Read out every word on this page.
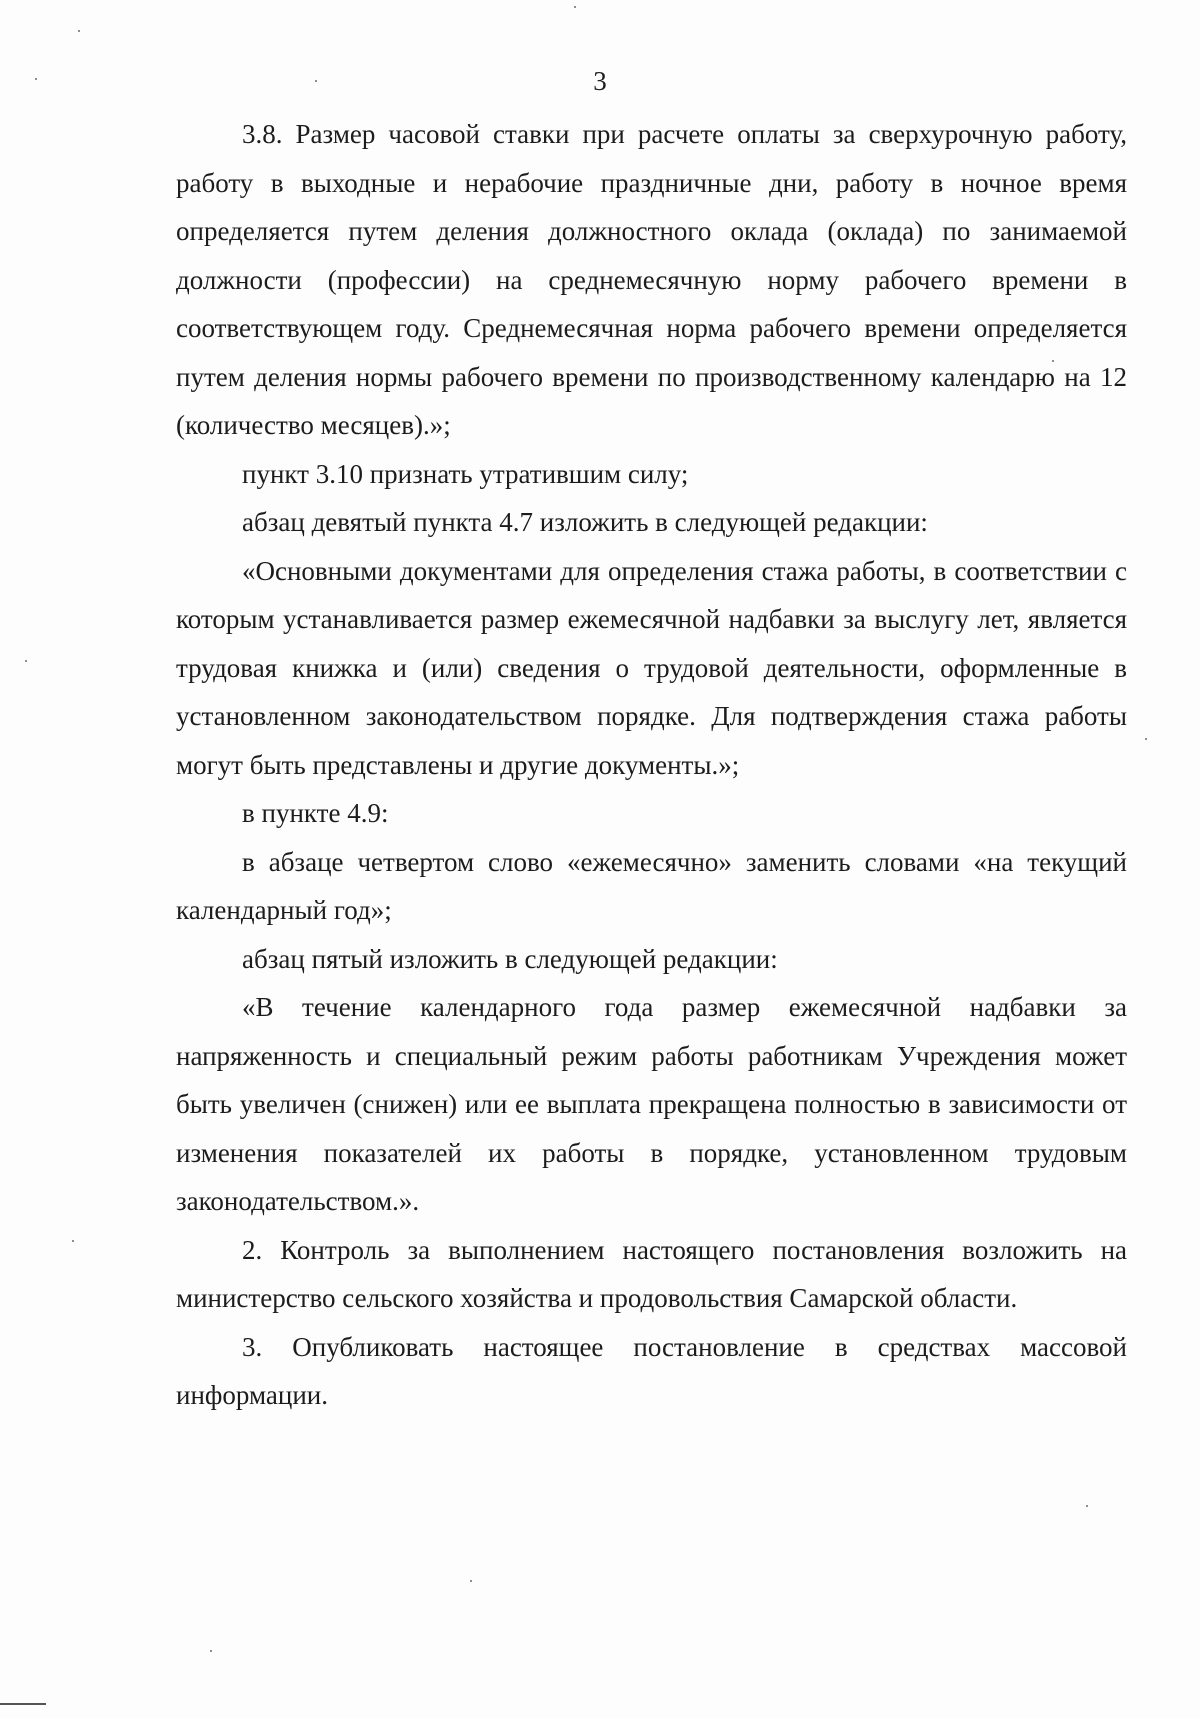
3

3.8. Размер часовой ставки при расчете оплаты за сверхурочную работу, работу в выходные и нерабочие праздничные дни, работу в ночное время определяется путем деления должностного оклада (оклада) по занимаемой должности (профессии) на среднемесячную норму рабочего времени в соответствующем году. Среднемесячная норма рабочего времени определяется путем деления нормы рабочего времени по производственному календарю на 12 (количество месяцев).»;

пункт 3.10 признать утратившим силу;

абзац девятый пункта 4.7 изложить в следующей редакции:

«Основными документами для определения стажа работы, в соответствии с которым устанавливается размер ежемесячной надбавки за выслугу лет, является трудовая книжка и (или) сведения о трудовой деятельности, оформленные в установленном законодательством порядке. Для подтверждения стажа работы могут быть представлены и другие документы.»;

в пункте 4.9:

в абзаце четвертом слово «ежемесячно» заменить словами «на текущий календарный год»;

абзац пятый изложить в следующей редакции:

«В течение календарного года размер ежемесячной надбавки за напряженность и специальный режим работы работникам Учреждения может быть увеличен (снижен) или ее выплата прекращена полностью в зависимости от изменения показателей их работы в порядке, установленном трудовым законодательством.».

2. Контроль за выполнением настоящего постановления возложить на министерство сельского хозяйства и продовольствия Самарской области.

3. Опубликовать настоящее постановление в средствах массовой информации.
